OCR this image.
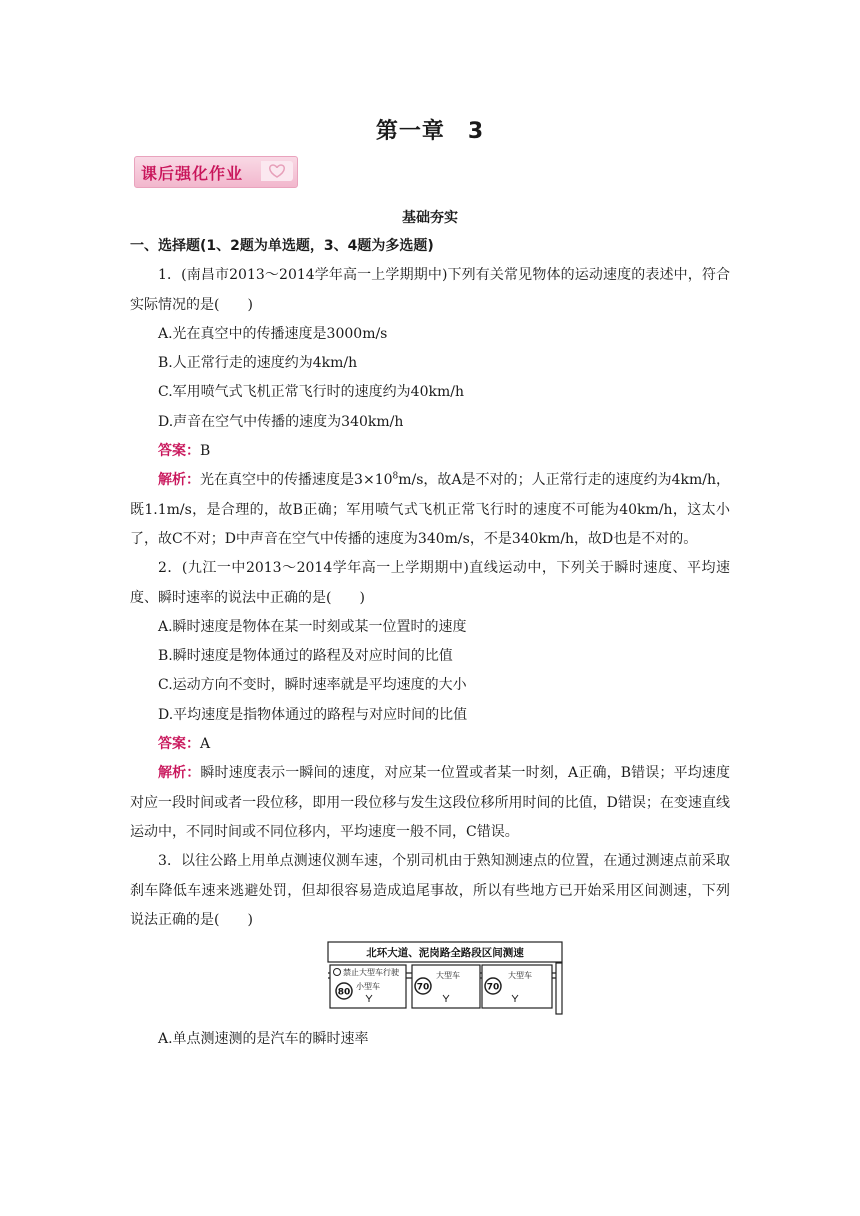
第一章　3
课后强化作业
基础夯实

一、选择题(1、2题为单选题，3、4题为多选题)

1．(南昌市2013～2014学年高一上学期期中)下列有关常见物体的运动速度的表述中，符合实际情况的是(　　)

A.光在真空中的传播速度是3000m/s

B.人正常行走的速度约为4km/h

C.军用喷气式飞机正常飞行时的速度约为40km/h

D.声音在空气中传播的速度为340km/h

答案：B

解析：光在真空中的传播速度是$3\times 10^8m/s$，故A是不对的；人正常行走的速度约为4km/h，既1.1m/s，是合理的，故B正确；军用喷气式飞机正常飞行时的速度不可能为40km/h，这太小了，故C不对；D中声音在空气中传播的速度为340m/s，不是340km/h，故D也是不对的。

2．(九江一中2013～2014学年高一上学期期中)直线运动中，下列关于瞬时速度、平均速度、瞬时速率的说法中正确的是(　　)

A.瞬时速度是物体在某一时刻或某一位置时的速度

B.瞬时速度是物体通过的路程及对应时间的比值

C.运动方向不变时，瞬时速率就是平均速度的大小

D.平均速度是指物体通过的路程与对应时间的比值

答案：A

解析：瞬时速度表示一瞬间的速度，对应某一位置或者某一时刻，A正确，B错误；平均速度对应一段时间或者一段位移，即用一段位移与发生这段位移所用时间的比值，D错误；在变速直线运动中，不同时间或不同位移内，平均速度一般不同，C错误。

3．以往公路上用单点测速仪测车速，个别司机由于熟知测速点的位置，在通过测速点前采取刹车降低车速来逃避处罚，但却很容易造成追尾事故，所以有些地方已开始采用区间测速，下列说法正确的是(　　)

北环大道、泥岗路全路段区间测速
禁止大型车行驶
80
小型车	70
大型车
70
大型车

A.单点测速测的是汽车的瞬时速率
